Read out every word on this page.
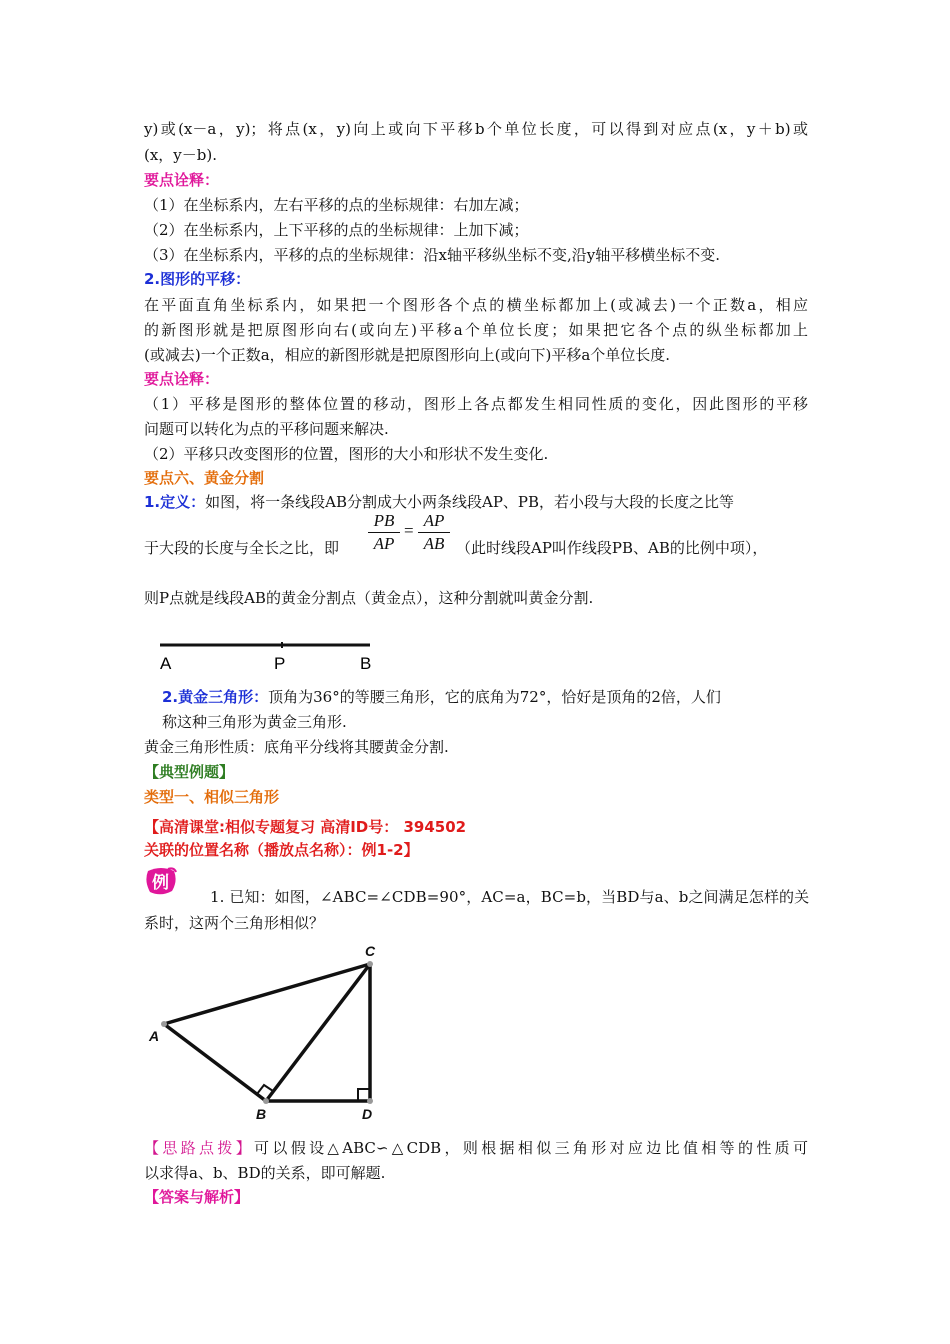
y)或(x－a，y)；将点(x，y)向上或向下平移b个单位长度，可以得到对应点(x，y＋b)或
(x，y－b).
要点诠释：
（1）在坐标系内，左右平移的点的坐标规律：右加左减；
（2）在坐标系内，上下平移的点的坐标规律：上加下减；
（3）在坐标系内，平移的点的坐标规律：沿x轴平移纵坐标不变,沿y轴平移横坐标不变.
2.图形的平移：
在平面直角坐标系内，如果把一个图形各个点的横坐标都加上(或减去)一个正数a，相应
的新图形就是把原图形向右(或向左)平移a个单位长度；如果把它各个点的纵坐标都加上
(或减去)一个正数a，相应的新图形就是把原图形向上(或向下)平移a个单位长度.
要点诠释：
（1）平移是图形的整体位置的移动，图形上各点都发生相同性质的变化，因此图形的平移
问题可以转化为点的平移问题来解决.
（2）平移只改变图形的位置，图形的大小和形状不发生变化.
要点六、黄金分割
1.定义：如图，将一条线段AB分割成大小两条线段AP、PB，若小段与大段的长度之比等
于大段的长度与全长之比，即	$\frac{PB}{AP} = \frac{AP}{AB}$ （此时线段AP叫作线段PB、AB的比例中项），
则P点就是线段AB的黄金分割点（黄金点），这种分割就叫黄金分割.
A	P	B
2.黄金三角形：顶角为36°的等腰三角形，它的底角为72°，恰好是顶角的2倍，人们
称这种三角形为黄金三角形.
黄金三角形性质：底角平分线将其腰黄金分割.
【典型例题】
类型一、相似三角形
【高清课堂:相似专题复习 高清ID号： 394502
关联的位置名称（播放点名称）：例1-2】
例
1. 已知：如图，∠ABC=∠CDB=90°，AC=a，BC=b，当BD与a、b之间满足怎样的关
系时，这两个三角形相似？
A
B
C
D
【思路点拨】可以假设△ABC∽△CDB，则根据相似三角形对应边比值相等的性质可
以求得a、b、BD的关系，即可解题.
【答案与解析】
